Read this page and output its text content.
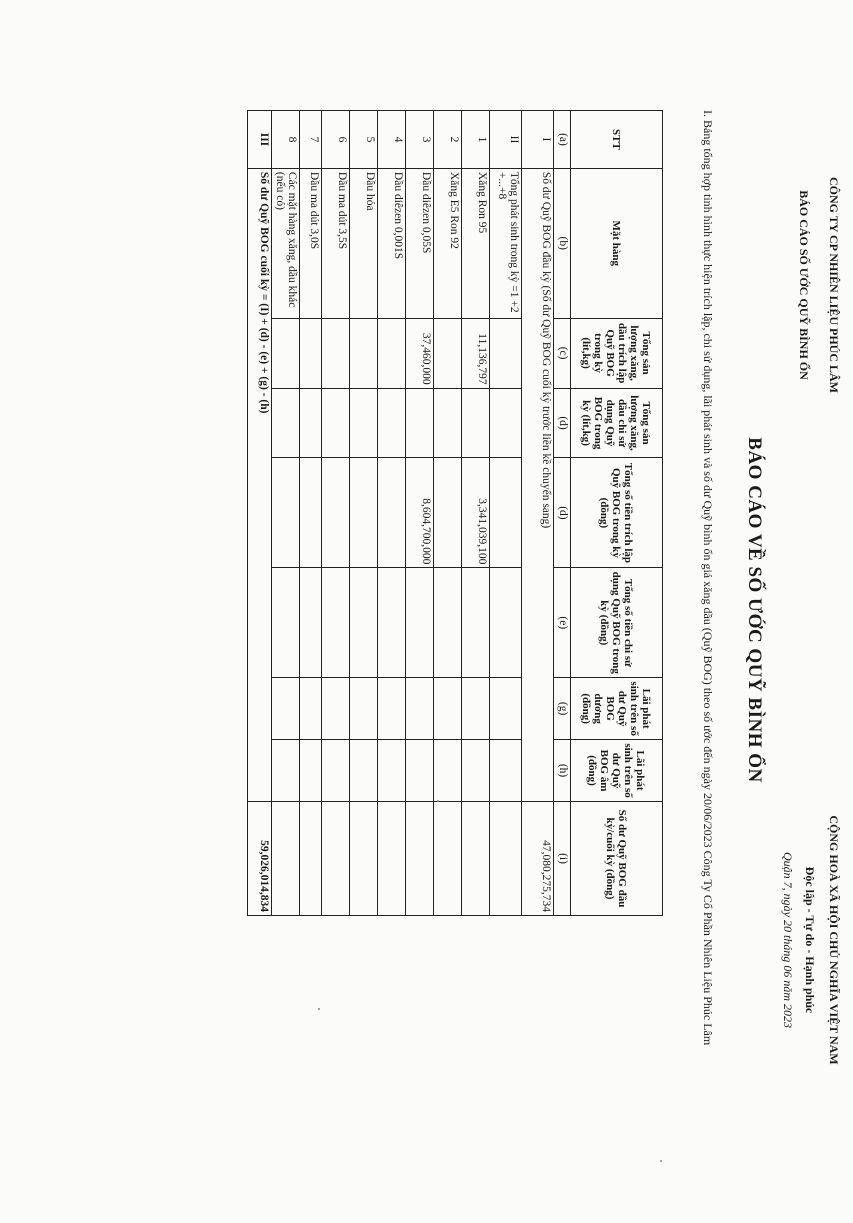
CÔNG TY CP NHIÊN LIỆU PHÚC LÂM
BÁO CÁO SỐ ƯỚC QUỸ BÌNH ỔN
CỘNG HOÀ XÃ HỘI CHỦ NGHĨA VIỆT NAM
Độc lập - Tự do - Hạnh phúc
Quận 7, ngày 20 tháng 06 năm 2023
BÁO CÁO VỀ SỐ ƯỚC QUỸ BÌNH ỔN
I. Bảng tổng hợp tình hình thực hiện trích lập, chi sử dụng, lãi phát sinh và số dư Quỹ bình ổn giá xăng dầu (Quỹ BOG) theo số ước đến ngày 20/06/2023 Công Ty Cổ Phần Nhiên Liệu Phúc Lâm
STT	Mặt hàng	Tổng sản lượng xăng, dầu trích lập Quỹ BOG trong kỳ (lít,kg)	Tổng sản lượng xăng, dầu chi sử dụng Quỹ BOG trong kỳ (lít,kg)	Tổng số tiền trích lập Quỹ BOG trong kỳ (đồng)	Tổng số tiền chi sử dụng Quỹ BOG trong kỳ (đồng)	Lãi phát sinh trên số dư Quỹ BOG dương (đồng)	Lãi phát sinh trên số dư Quỹ BOG âm (đồng)	Số dư Quỹ BOG đầu kỳ/cuối kỳ (đồng)
(a)	(b)	(c)	(d)	(d)	(e)	(g)	(h)	(i)
I	Số dư Quỹ BOG đầu kỳ (Số dư Quỹ BOG cuối kỳ trước liền kề chuyển sang)							47,080,275,734
II	Tổng phát sinh trong kỳ =1 +2 +...+8							
1	Xăng Ron 95	11,136,797		3,341,039,100				
2	Xăng E5 Ron 92							
3	Dầu diêzen 0,05S	37,460,000		8,604,700,000				
4	Dầu diêzen 0,001S							
5	Dầu hỏa							
6	Dầu ma dút 3,5S							
7	Dầu ma dút 3,0S							
8	Các mặt hàng xăng, dầu khác (nếu có)							
III	Số dư Quỹ BOG cuối kỳ = (I) + (d) - (e) + (g) - (h)							59,026,014,834
